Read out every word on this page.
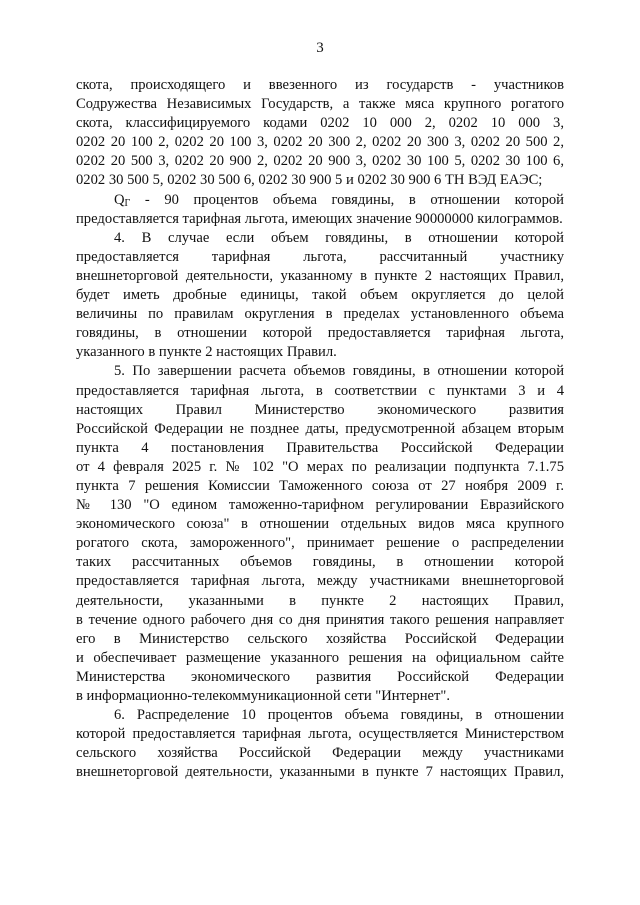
3
скота, происходящего и ввезенного из государств - участников
Содружества Независимых Государств, а также мяса крупного рогатого
скота, классифицируемого кодами 0202 10 000 2, 0202 10 000 3,
0202 20 100 2, 0202 20 100 3, 0202 20 300 2, 0202 20 300 3, 0202 20 500 2,
0202 20 500 3, 0202 20 900 2, 0202 20 900 3, 0202 30 100 5, 0202 30 100 6,
0202 30 500 5, 0202 30 500 6, 0202 30 900 5 и 0202 30 900 6 ТН ВЭД ЕАЭС;
$Q_Г - 90$ процентов объема говядины, в отношении которой
предоставляется тарифная льгота, имеющих значение 90000000 килограммов.
4. В случае если объем говядины, в отношении которой
предоставляется тарифная льгота, рассчитанный участнику
внешнеторговой деятельности, указанному в пункте 2 настоящих Правил,
будет иметь дробные единицы, такой объем округляется до целой
величины по правилам округления в пределах установленного объема
говядины, в отношении которой предоставляется тарифная льгота,
указанного в пункте 2 настоящих Правил.
5. По завершении расчета объемов говядины, в отношении которой
предоставляется тарифная льгота, в соответствии с пунктами 3 и 4
настоящих Правил Министерство экономического развития
Российской Федерации не позднее даты, предусмотренной абзацем вторым
пункта 4 постановления Правительства Российской Федерации
от 4 февраля 2025 г. № 102 "О мерах по реализации подпункта 7.1.75
пункта 7 решения Комиссии Таможенного союза от 27 ноября 2009 г.
№ 130 "О едином таможенно-тарифном регулировании Евразийского
экономического союза" в отношении отдельных видов мяса крупного
рогатого скота, замороженного", принимает решение о распределении
таких рассчитанных объемов говядины, в отношении которой
предоставляется тарифная льгота, между участниками внешнеторговой
деятельности, указанными в пункте 2 настоящих Правил,
в течение одного рабочего дня со дня принятия такого решения направляет
его в Министерство сельского хозяйства Российской Федерации
и обеспечивает размещение указанного решения на официальном сайте
Министерства экономического развития Российской Федерации
в информационно-телекоммуникационной сети "Интернет".
6. Распределение 10 процентов объема говядины, в отношении
которой предоставляется тарифная льгота, осуществляется Министерством
сельского хозяйства Российской Федерации между участниками
внешнеторговой деятельности, указанными в пункте 7 настоящих Правил,
